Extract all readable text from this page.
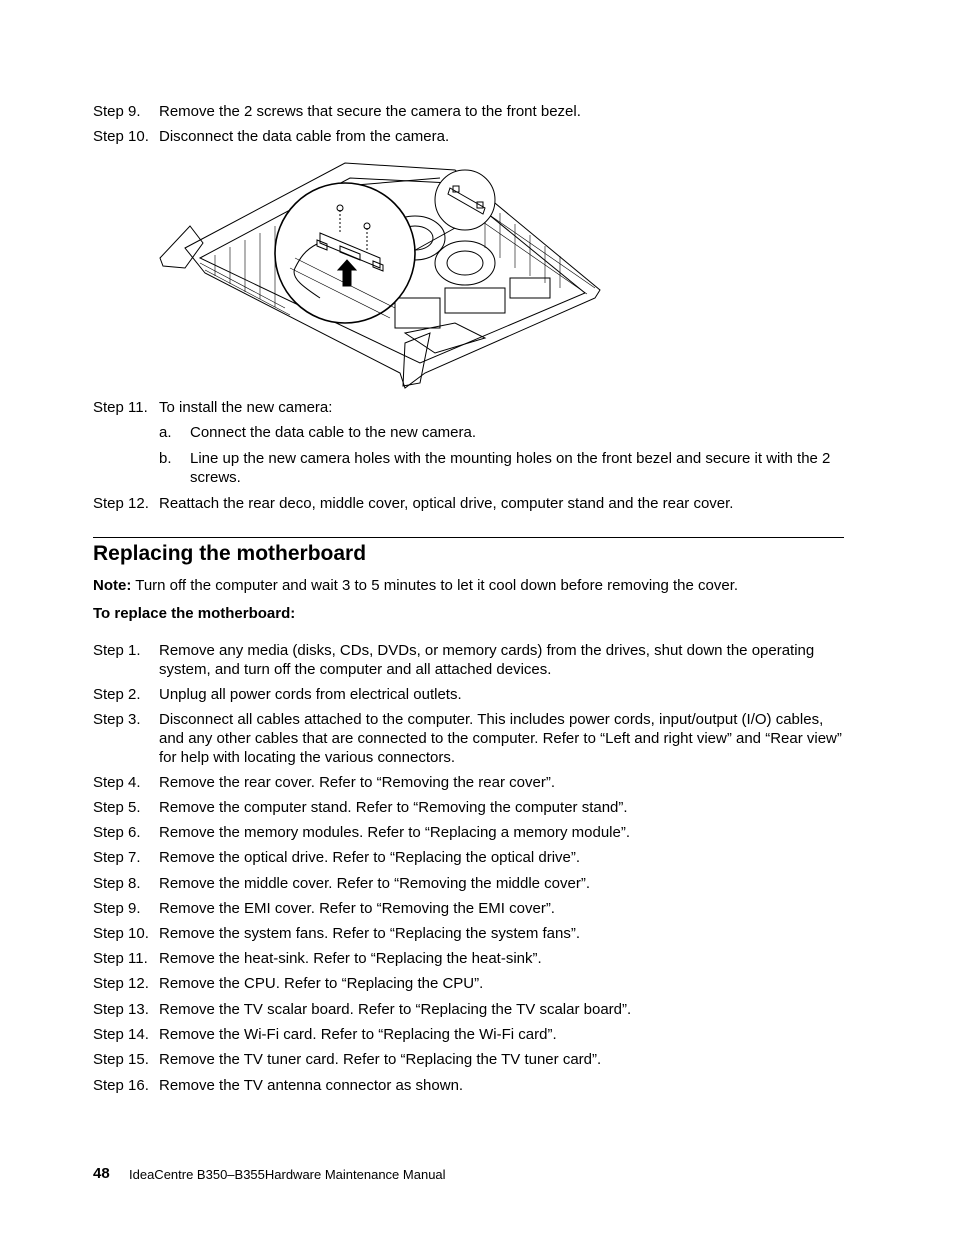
Step 9. Remove the 2 screws that secure the camera to the front bezel.
Step 10. Disconnect the data cable from the camera.
Step 11. To install the new camera:
a. Connect the data cable to the new camera.
b. Line up the new camera holes with the mounting holes on the front bezel and secure it with the 2 screws.
Step 12. Reattach the rear deco, middle cover, optical drive, computer stand and the rear cover.
Replacing the motherboard
Note: Turn off the computer and wait 3 to 5 minutes to let it cool down before removing the cover.
To replace the motherboard:
Step 1. Remove any media (disks, CDs, DVDs, or memory cards) from the drives, shut down the operating system, and turn off the computer and all attached devices.
Step 2. Unplug all power cords from electrical outlets.
Step 3. Disconnect all cables attached to the computer. This includes power cords, input/output (I/O) cables, and any other cables that are connected to the computer. Refer to “Left and right view” and “Rear view” for help with locating the various connectors.
Step 4. Remove the rear cover. Refer to “Removing the rear cover”.
Step 5. Remove the computer stand. Refer to “Removing the computer stand”.
Step 6. Remove the memory modules. Refer to “Replacing a memory module”.
Step 7. Remove the optical drive. Refer to “Replacing the optical drive”.
Step 8. Remove the middle cover. Refer to “Removing the middle cover”.
Step 9. Remove the EMI cover. Refer to “Removing the EMI cover”.
Step 10. Remove the system fans. Refer to “Replacing the system fans”.
Step 11. Remove the heat-sink. Refer to “Replacing the heat-sink”.
Step 12. Remove the CPU. Refer to “Replacing the CPU”.
Step 13. Remove the TV scalar board. Refer to “Replacing the TV scalar board”.
Step 14. Remove the Wi-Fi card. Refer to “Replacing the Wi-Fi card”.
Step 15. Remove the TV tuner card. Refer to “Replacing the TV tuner card”.
Step 16. Remove the TV antenna connector as shown.
48 IdeaCentre B350–B355Hardware Maintenance Manual
